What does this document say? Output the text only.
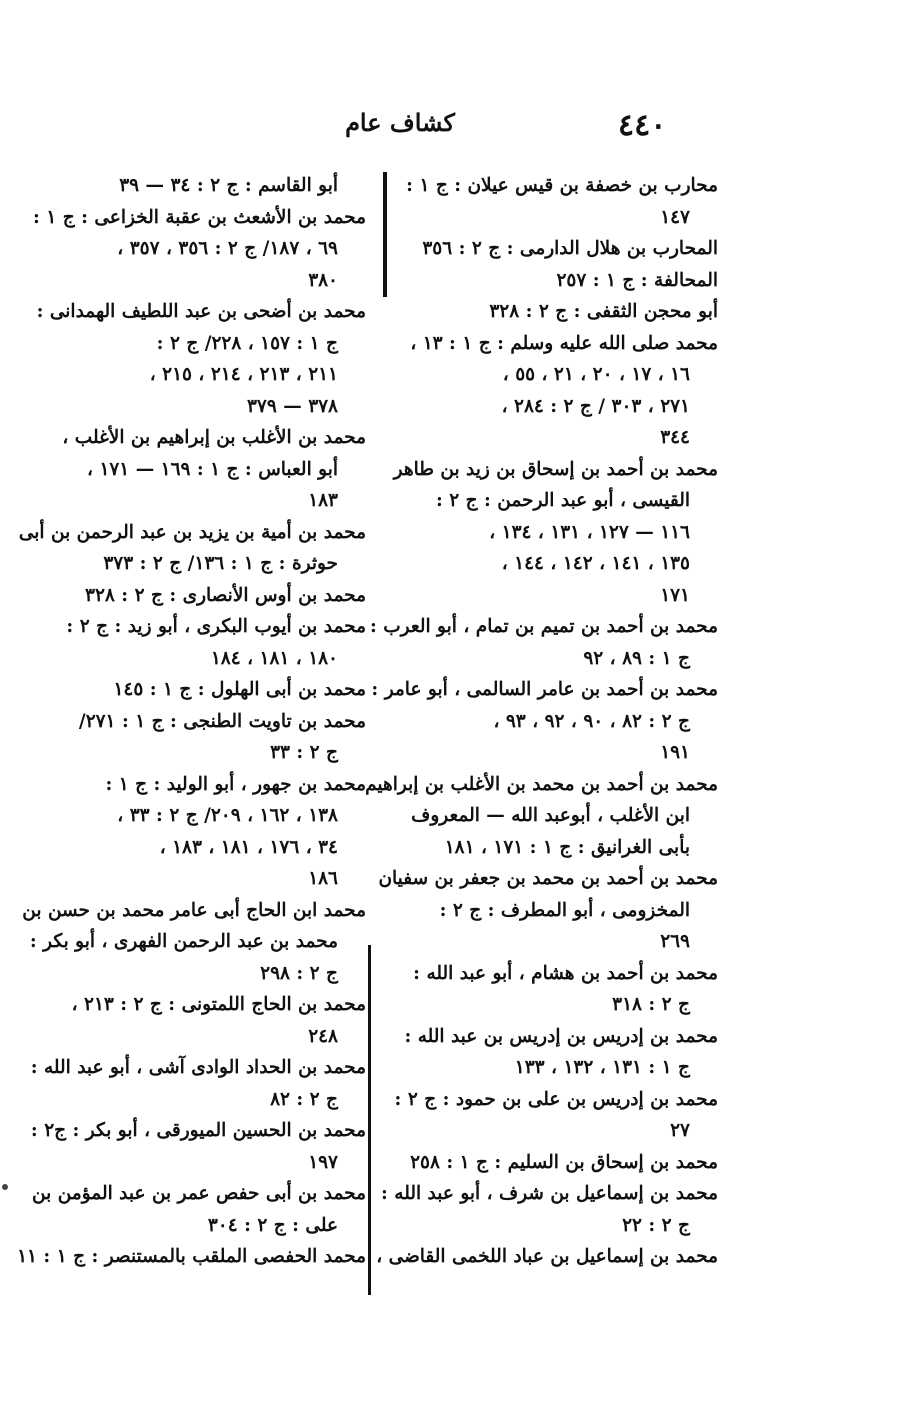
٤٤٠
كشاف عام
محارب بن خصفة بن قيس عيلان : ج ١ :
١٤٧
المحارب بن هلال الدارمى : ج ٢ : ٣٥٦
المحالفة : ج ١ : ٢٥٧
أبو محجن الثقفى : ج ٢ : ٣٢٨
محمد صلى الله عليه وسلم : ج ١ : ١٣ ،
١٦ ، ١٧ ، ٢٠ ، ٢١ ، ٥٥ ،
٢٧١ ، ٣٠٣ / ج ٢ : ٢٨٤ ،
٣٤٤
محمد بن أحمد بن إسحاق بن زيد بن طاهر
القيسى ، أبو عبد الرحمن : ج ٢ :
١١٦ — ١٢٧ ، ١٣١ ، ١٣٤ ،
١٣٥ ، ١٤١ ، ١٤٢ ، ١٤٤ ،
١٧١
محمد بن أحمد بن تميم بن تمام ، أبو العرب :
ج ١ : ٨٩ ، ٩٢
محمد بن أحمد بن عامر السالمى ، أبو عامر :
ج ٢ : ٨٢ ، ٩٠ ، ٩٢ ، ٩٣ ،
١٩١
محمد بن أحمد بن محمد بن الأغلب بن إبراهيم
ابن الأغلب ، أبوعبد الله — المعروف
بأبى الغرانيق : ج ١ : ١٧١ ، ١٨١
محمد بن أحمد بن محمد بن جعفر بن سفيان
المخزومى ، أبو المطرف : ج ٢ :
٢٦٩
محمد بن أحمد بن هشام ، أبو عبد الله :
ج ٢ : ٣١٨
محمد بن إدريس بن إدريس بن عبد الله :
ج ١ : ١٣١ ، ١٣٢ ، ١٣٣
محمد بن إدريس بن على بن حمود : ج ٢ :
٢٧
محمد بن إسحاق بن السليم : ج ١ : ٢٥٨
محمد بن إسماعيل بن شرف ، أبو عبد الله :
ج ٢ : ٢٢
محمد بن إسماعيل بن عباد اللخمى القاضى ،
أبو القاسم : ج ٢ : ٣٤ — ٣٩
محمد بن الأشعث بن عقبة الخزاعى : ج ١ :
٦٩ ، ١٨٧/ ج ٢ : ٣٥٦ ، ٣٥٧ ،
٣٨٠
محمد بن أضحى بن عبد اللطيف الهمدانى :
ج ١ : ١٥٧ ، ٢٢٨/ ج ٢ :
٢١١ ، ٢١٣ ، ٢١٤ ، ٢١٥ ،
٣٧٨ — ٣٧٩
محمد بن الأغلب بن إبراهيم بن الأغلب ،
أبو العباس : ج ١ : ١٦٩ — ١٧١ ،
١٨٣
محمد بن أمية بن يزيد بن عبد الرحمن بن أبى
حوثرة : ج ١ : ١٣٦/ ج ٢ : ٣٧٣
محمد بن أوس الأنصارى : ج ٢ : ٣٢٨
محمد بن أيوب البكرى ، أبو زيد : ج ٢ :
١٨٠ ، ١٨١ ، ١٨٤
محمد بن أبى الهلول : ج ١ : ١٤٥
محمد بن تاويت الطنجى : ج ١ : ٢٧١/
ج ٢ : ٣٣
محمد بن جهور ، أبو الوليد : ج ١ :
١٣٨ ، ١٦٢ ، ٢٠٩/ ج ٢ : ٣٣ ،
٣٤ ، ١٧٦ ، ١٨١ ، ١٨٣ ،
١٨٦
محمد ابن الحاج أبى عامر محمد بن حسن بن
محمد بن عبد الرحمن الفهرى ، أبو بكر :
ج ٢ : ٢٩٨
محمد بن الحاج اللمتونى : ج ٢ : ٢١٣ ،
٢٤٨
محمد بن الحداد الوادى آشى ، أبو عبد الله :
ج ٢ : ٨٢
محمد بن الحسين الميورقى ، أبو بكر : ج٢ :
١٩٧
محمد بن أبى حفص عمر بن عبد المؤمن بن
على : ج ٢ : ٣٠٤
محمد الحفصى الملقب بالمستنصر : ج ١ : ١١
